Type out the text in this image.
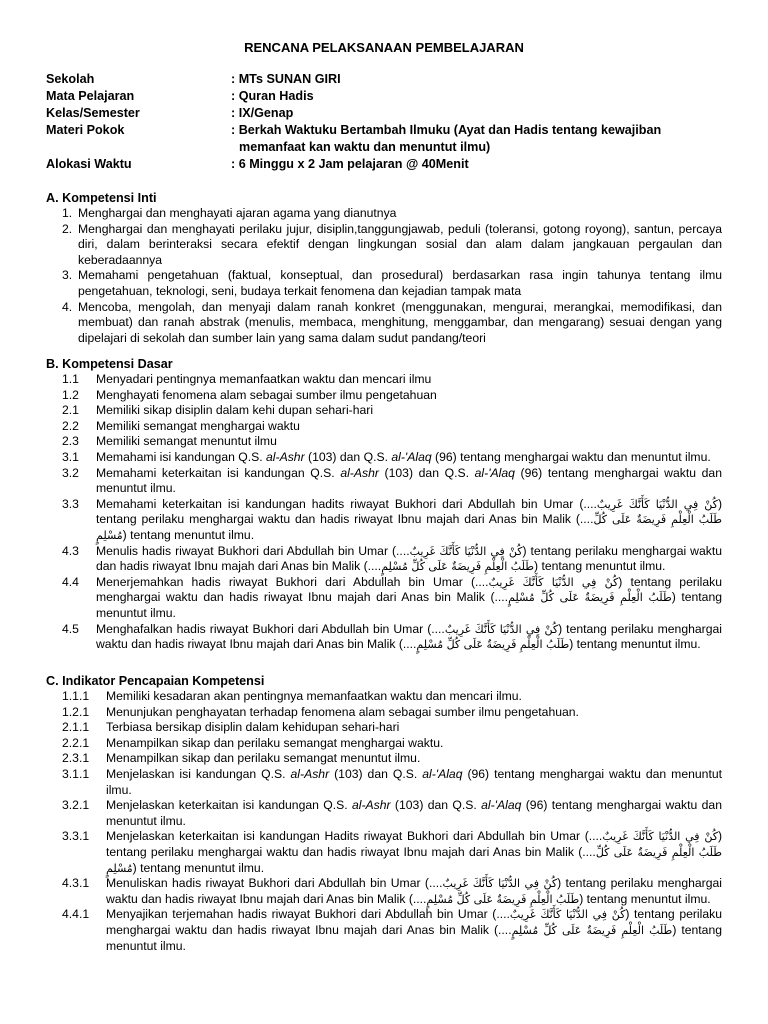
RENCANA PELAKSANAAN PEMBELAJARAN
Sekolah	: MTs SUNAN GIRI
Mata Pelajaran	: Quran Hadis
Kelas/Semester	: IX/Genap
Materi Pokok	: Berkah Waktuku Bertambah Ilmuku (Ayat dan Hadis tentang kewajiban
memanfaat kan waktu dan menuntut ilmu)
Alokasi Waktu	: 6 Minggu x 2 Jam pelajaran @ 40Menit
A. Kompetensi Inti
1. Menghargai dan menghayati ajaran agama yang dianutnya
2. Menghargai dan menghayati perilaku jujur, disiplin,tanggungjawab, peduli (toleransi, gotong royong), santun, percaya diri, dalam berinteraksi secara efektif dengan lingkungan sosial dan alam dalam jangkauan pergaulan dan keberadaannya
3. Memahami pengetahuan (faktual, konseptual, dan prosedural) berdasarkan rasa ingin tahunya tentang ilmu pengetahuan, teknologi, seni, budaya terkait fenomena dan kejadian tampak mata
4. Mencoba, mengolah, dan menyaji dalam ranah konkret (menggunakan, mengurai, merangkai, memodifikasi, dan membuat) dan ranah abstrak (menulis, membaca, menghitung, menggambar, dan mengarang) sesuai dengan yang dipelajari di sekolah dan sumber lain yang sama dalam sudut pandang/teori
B. Kompetensi Dasar
1.1	Menyadari pentingnya memanfaatkan waktu dan mencari ilmu
1.2	Menghayati fenomena alam sebagai sumber ilmu pengetahuan
2.1	Memiliki sikap disiplin dalam kehi dupan sehari-hari
2.2	Memiliki semangat menghargai waktu
2.3	Memiliki semangat menuntut ilmu
3.1	Memahami isi kandungan Q.S. al-Ashr (103) dan Q.S. al-'Alaq (96) tentang menghargai waktu dan menuntut ilmu.
3.2	Memahami keterkaitan isi kandungan Q.S. al-Ashr (103) dan Q.S. al-'Alaq (96) tentang menghargai waktu dan menuntut ilmu.
3.3	Memahami keterkaitan isi kandungan hadits riwayat Bukhori dari Abdullah bin Umar (....كُنْ فِي الدُّنْيَا كَأَنَّكَ غَرِيبٌ) tentang perilaku menghargai waktu dan hadis riwayat Ibnu majah dari Anas bin Malik (....طَلَبُ الْعِلْمِ فَرِيضَةٌ عَلَى كُلِّ مُسْلِمٍ) tentang menuntut ilmu.
4.3	Menulis hadis riwayat Bukhori dari Abdullah bin Umar (....كُنْ فِي الدُّنْيَا كَأَنَّكَ غَرِيبٌ) tentang perilaku menghargai waktu dan hadis riwayat Ibnu majah dari Anas bin Malik (....طَلَبُ الْعِلْمِ فَرِيضَةٌ عَلَى كُلِّ مُسْلِمٍ) tentang menuntut ilmu.
4.4	Menerjemahkan hadis riwayat Bukhori dari Abdullah bin Umar (....كُنْ فِي الدُّنْيَا كَأَنَّكَ غَرِيبٌ) tentang perilaku menghargai waktu dan hadis riwayat Ibnu majah dari Anas bin Malik (....طَلَبُ الْعِلْمِ فَرِيضَةٌ عَلَى كُلِّ مُسْلِمٍ) tentang menuntut ilmu.
4.5	Menghafalkan hadis riwayat Bukhori dari Abdullah bin Umar (....كُنْ فِي الدُّنْيَا كَأَنَّكَ غَرِيبٌ) tentang perilaku menghargai waktu dan hadis riwayat Ibnu majah dari Anas bin Malik (....طَلَبُ الْعِلْمِ فَرِيضَةٌ عَلَى كُلِّ مُسْلِمٍ) tentang menuntut ilmu.
C. Indikator Pencapaian Kompetensi
1.1.1	Memiliki kesadaran akan pentingnya memanfaatkan waktu dan mencari ilmu.
1.2.1	Menunjukan penghayatan terhadap fenomena alam sebagai sumber ilmu pengetahuan.
2.1.1	Terbiasa bersikap disiplin dalam kehidupan sehari-hari
2.2.1	Menampilkan sikap dan perilaku semangat menghargai waktu.
2.3.1	Menampilkan sikap dan perilaku semangat menuntut ilmu.
3.1.1	Menjelaskan isi kandungan Q.S. al-Ashr (103) dan Q.S. al-'Alaq (96) tentang menghargai waktu dan menuntut ilmu.
3.2.1	Menjelaskan keterkaitan isi kandungan Q.S. al-Ashr (103) dan Q.S. al-'Alaq (96) tentang menghargai waktu dan menuntut ilmu.
3.3.1	Menjelaskan keterkaitan isi kandungan Hadits riwayat Bukhori dari Abdullah bin Umar (....كُنْ فِي الدُّنْيَا كَأَنَّكَ غَرِيبٌ) tentang perilaku menghargai waktu dan hadis riwayat Ibnu majah dari Anas bin Malik (....طَلَبُ الْعِلْمِ فَرِيضَةٌ عَلَى كُلِّ مُسْلِمٍ) tentang menuntut ilmu.
4.3.1	Menuliskan hadis riwayat Bukhori dari Abdullah bin Umar (....كُنْ فِي الدُّنْيَا كَأَنَّكَ غَرِيبٌ) tentang perilaku menghargai waktu dan hadis riwayat Ibnu majah dari Anas bin Malik (....طَلَبُ الْعِلْمِ فَرِيضَةٌ عَلَى كُلِّ مُسْلِمٍ) tentang menuntut ilmu.
4.4.1	Menyajikan terjemahan hadis riwayat Bukhori dari Abdullah bin Umar (....كُنْ فِي الدُّنْيَا كَأَنَّكَ غَرِيبٌ) tentang perilaku menghargai waktu dan hadis riwayat Ibnu majah dari Anas bin Malik (....طَلَبُ الْعِلْمِ فَرِيضَةٌ عَلَى كُلِّ مُسْلِمٍ) tentang menuntut ilmu.
